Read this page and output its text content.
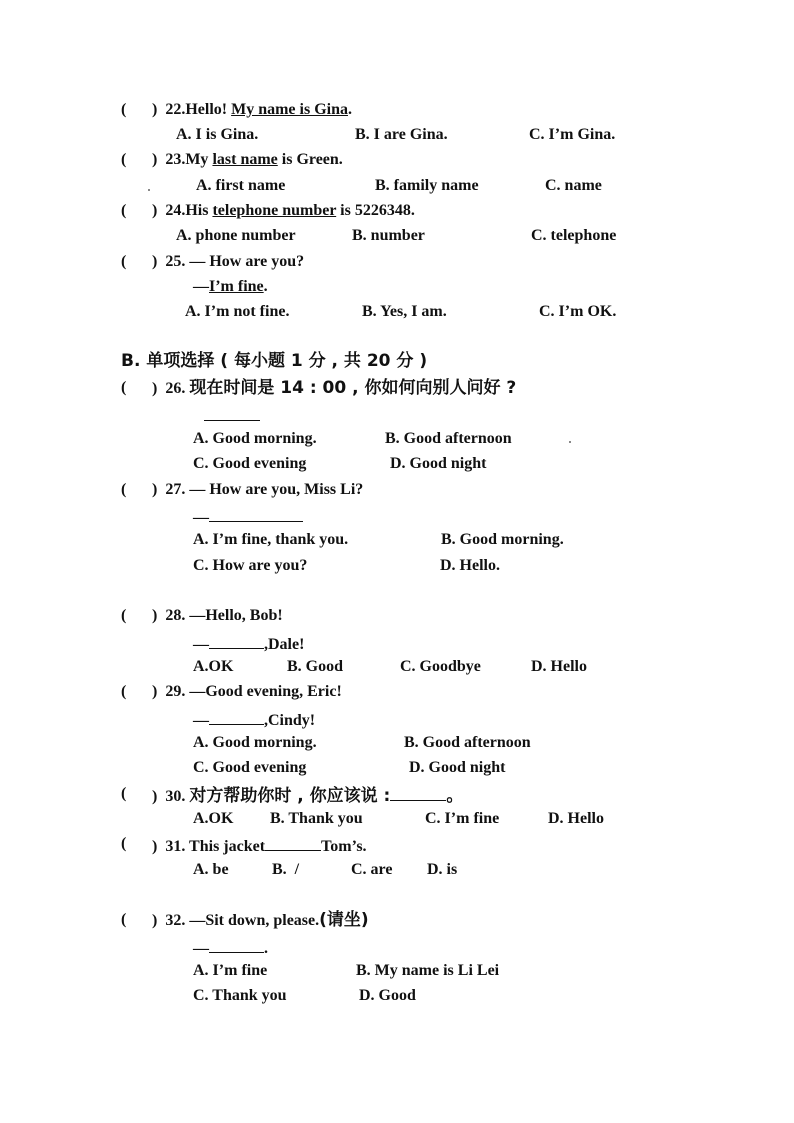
( )  22.Hello! My name is Gina.
A. I is Gina.	B. I are Gina.	C. I’m Gina.
( )  23.My last name is Green.
A. first name	B. family name	C. name
( )  24.His telephone number is 5226348.
A. phone number	B. number	C. telephone
( )  25. — How are you?
—I’m fine.
A. I’m not fine.	B. Yes, I am.	C. I’m OK.
B. 单项选择 ( 每小题 1 分 , 共 20 分 )
( )  26. 现在时间是 14 : 00 , 你如何向别人问好 ?
A. Good morning.	B. Good afternoon
C. Good evening	D. Good night
( )  27. — How are you, Miss Li?
—
A. I’m fine, thank you.	B. Good morning.
C. How are you?	D. Hello.
( )  28. —Hello, Bob!
—	,Dale!
A.OK	B. Good	C. Goodbye	D. Hello
( )  29. —Good evening, Eric!
—	,Cindy!
A. Good morning.	B. Good afternoon
C. Good evening	D. Good night
( )  30. 对方帮助你时 , 你应该说 :	。
A.OK B. Thank you	C. I’m fine	D. Hello
( )  31. This jacket	Tom’s.
A. be	B.  /	C. are D. is
( )  32. —Sit down, please.(请坐)
—	.
A. I’m fine	B. My name is Li Lei
C. Thank you	D. Good
